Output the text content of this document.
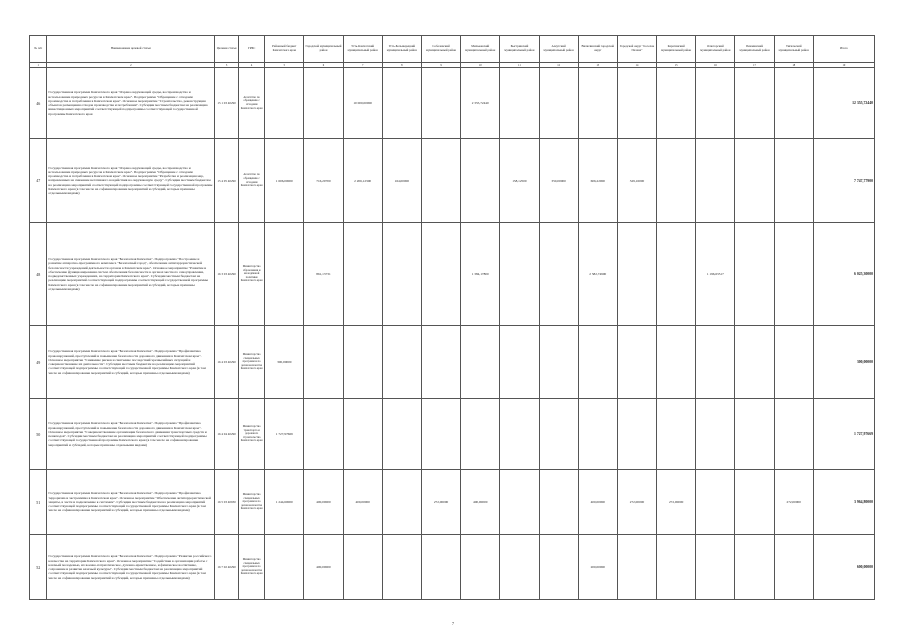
№ п/п	Наименование целевой статьи	Целевая статья	ГРБС	Районный бюджет Камчатского края	Городской муниципальный район	Усть-Камчатский муниципальный район	Усть-Большерецкий муниципальный район	Соболевский муниципальный район	Мильковский муниципальный район	Быстринский муниципальный район	Алеутский муниципальный район	Вилючинский городской округ	Городской округ "поселок Палана"	Карагинский муниципальный район	Олюторский муниципальный район	Пенжинский муниципальный район	Тигильский муниципальный район	Итого
1	2	3	4	5	6	7	8	9	10	11	12	13	14	15	16	17	18	19
46	Государственная программа Камчатского края "Охрана окружающей среды, воспроизводство и использование природных ресурсов в Камчатском крае". Подпрограмма "Обращение с отходами производства и потребления в Камчатском крае". Основное мероприятие "Строительство, реконструкция объектов размещения отходов производства и потребления". Субсидии местным бюджетам на реализацию инвестиционных мероприятий соответствующей подпрограммы соответствующей государственной программы Камчатского края	15 1 03 40290	Агентство по обращению с отходами Камчатского края			10 000,00000			2 355,72440									12 355,72440
47	Государственная программа Камчатского края "Охрана окружающей среды, воспроизводство и использование природных ресурсов в Камчатском крае". Подпрограмма "Обращение с отходами производства и потребления в Камчатском крае". Основное мероприятие "Разработка и реализация мер, направленных на снижение негативного воздействия на окружающую среду". Субсидии местным бюджетам на реализацию мероприятий соответствующей подпрограммы соответствующей государственной программы Камчатского края (в том числе на софинансирование мероприятий и субсидий, которые признаны отдельными видами)	15 4 05 40290	Агентство по обращению с отходами Камчатского края	1 606,00000	716,20700	2 206,12300	164,00000			158,12500	350,00000	606,22000	329,16000					7 747,77900
48	Государственная программа Камчатского края "Безопасная Камчатка". Подпрограмма "Построение и развитие аппаратно-программного комплекса "Безопасный город", обеспечение антитеррористической безопасности учреждений деятельности органов в Камчатском крае". Основное мероприятие "Развитие и обеспечение функционирования систем обеспечения безопасности в органах местного самоуправления, подведомственных учреждениях, на территории Камчатского края". Субсидии местным бюджетам на реализацию мероприятий соответствующей подпрограммы соответствующей государственной программы Камчатского края (в том числе на софинансирование мероприятий и субсидий, которые признаны отдельными видами)	16 3 03 40290	Министерство образования и молодёжной политики Камчатского края		861,13731				1 384,17800			2 582,74900			1 196,63517			6 025,30000
49	Государственная программа Камчатского края "Безопасная Камчатка". Подпрограмма "Профилактика правонарушений, преступлений и повышение безопасности дорожного движения в Камчатском крае". Основное мероприятие "Снижение рисков и смягчение последствий чрезвычайных ситуаций и совершенствование их деятельности". Субсидии местным бюджетам на реализацию мероприятий соответствующей подпрограммы соответствующей государственной программы Камчатского края (в том числе на софинансирование мероприятий и субсидий, которые признаны отдельными видами)	16 4 03 40290	Министерство специальных программ и по делам казачества Камчатского края	300,00000														300,00000
50	Государственная программа Камчатского края "Безопасная Камчатка". Подпрограмма "Профилактика правонарушений, преступлений и повышение безопасности дорожного движения в Камчатском крае". Основное мероприятие "Совершенствование организации безопасного движения транспортных средств и пешеходов". Субсидии местным бюджетам на реализацию мероприятий соответствующей подпрограммы соответствующей государственной программы Камчатского края (в том числе на софинансирование мероприятий и субсидий, которые признаны отдельными видами)	16 4 04 40290	Министерство транспорта и дорожного строительства Камчатского края	1 727,97669														1 727,97669
51	Государственная программа Камчатского края "Безопасная Камчатка". Подпрограмма "Профилактика терроризма и экстремизма в Камчатском крае". Основное мероприятие "Обеспечение антитеррористической защиты, в части и подключение к системам". Субсидии местным бюджетам на реализацию мероприятий соответствующей подпрограммы соответствующей государственной программы Камчатского края (в том числе на софинансирование мероприятий и субсидий, которые признаны отдельными видами)	16 5 03 40930	Министерство специальных программ и по делам казачества Камчатского края	1 244,60000	400,00000	400,00000		272,00000	400,00000			400,00000	272,00000	272,00000			272,00000	3 964,80000
52	Государственная программа Камчатского края "Безопасная Камчатка". Подпрограмма "Развитие российского казачества на территории Камчатского края". Основное мероприятие "Содействие в организации работы с казачьей молодежью, их военно-патриотическое, духовно-нравственное, и физическое воспитание, сохранение и развитие казачьей культуры". Субсидии местным бюджетам на реализацию мероприятий соответствующей подпрограммы соответствующей государственной программы Камчатского края (в том числе на софинансирование мероприятий и субсидий, которые признаны отдельными видами)	16 7 02 40290	Министерство специальных программ и по делам казачества Камчатского края		400,00000							200,00000						600,00000
7
